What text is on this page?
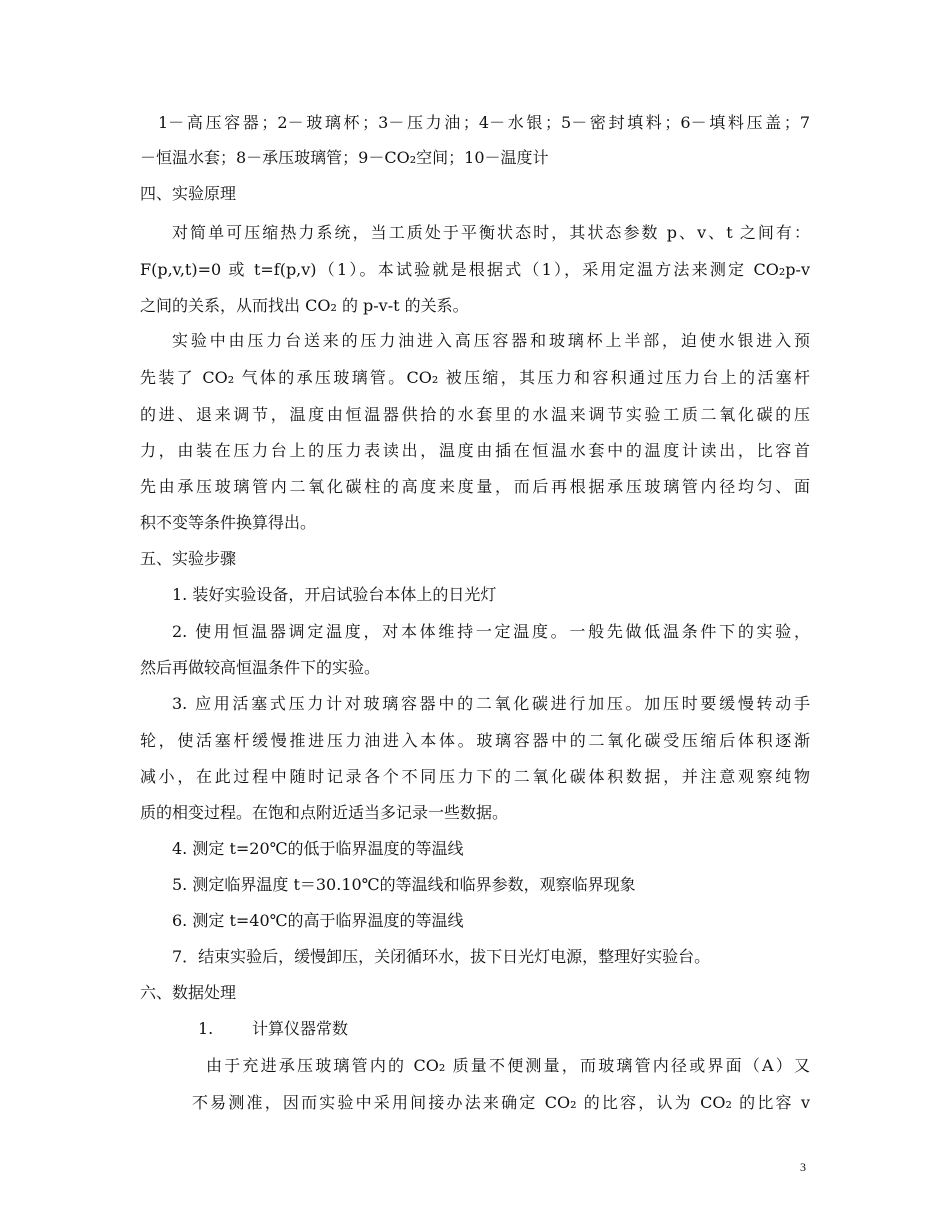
1－高压容器；2－玻璃杯；3－压力油；4－水银；5－密封填料；6－填料压盖；7
－恒温水套；8－承压玻璃管；9－CO₂空间；10－温度计
四、实验原理
对简单可压缩热力系统，当工质处于平衡状态时，其状态参数 p、v、t 之间有：
F(p,v,t)=0 或 t=f(p,v)（1）。本试验就是根据式（1），采用定温方法来测定 CO₂p-v
之间的关系，从而找出 CO₂ 的 p-v-t 的关系。
实验中由压力台送来的压力油进入高压容器和玻璃杯上半部，迫使水银进入预
先装了 CO₂ 气体的承压玻璃管。CO₂ 被压缩，其压力和容积通过压力台上的活塞杆
的进、退来调节，温度由恒温器供拾的水套里的水温来调节实验工质二氧化碳的压
力，由装在压力台上的压力表读出，温度由插在恒温水套中的温度计读出，比容首
先由承压玻璃管内二氧化碳柱的高度来度量，而后再根据承压玻璃管内径均匀、面
积不变等条件换算得出。
五、实验步骤
1. 装好实验设备，开启试验台本体上的日光灯
2. 使用恒温器调定温度，对本体维持一定温度。一般先做低温条件下的实验，
然后再做较高恒温条件下的实验。
3. 应用活塞式压力计对玻璃容器中的二氧化碳进行加压。加压时要缓慢转动手
轮，使活塞杆缓慢推进压力油进入本体。玻璃容器中的二氧化碳受压缩后体积逐渐
减小，在此过程中随时记录各个不同压力下的二氧化碳体积数据，并注意观察纯物
质的相变过程。在饱和点附近适当多记录一些数据。
4. 测定 t=20℃的低于临界温度的等温线
5. 测定临界温度 t＝30.10℃的等温线和临界参数，观察临界现象
6. 测定 t=40℃的高于临界温度的等温线
7．结束实验后，缓慢卸压，关闭循环水，拔下日光灯电源，整理好实验台。
六、数据处理
1.	计算仪器常数
由于充进承压玻璃管内的 CO₂ 质量不便测量，而玻璃管内径或界面（A）又
不易测准，因而实验中采用间接办法来确定 CO₂ 的比容，认为 CO₂ 的比容 v
3
